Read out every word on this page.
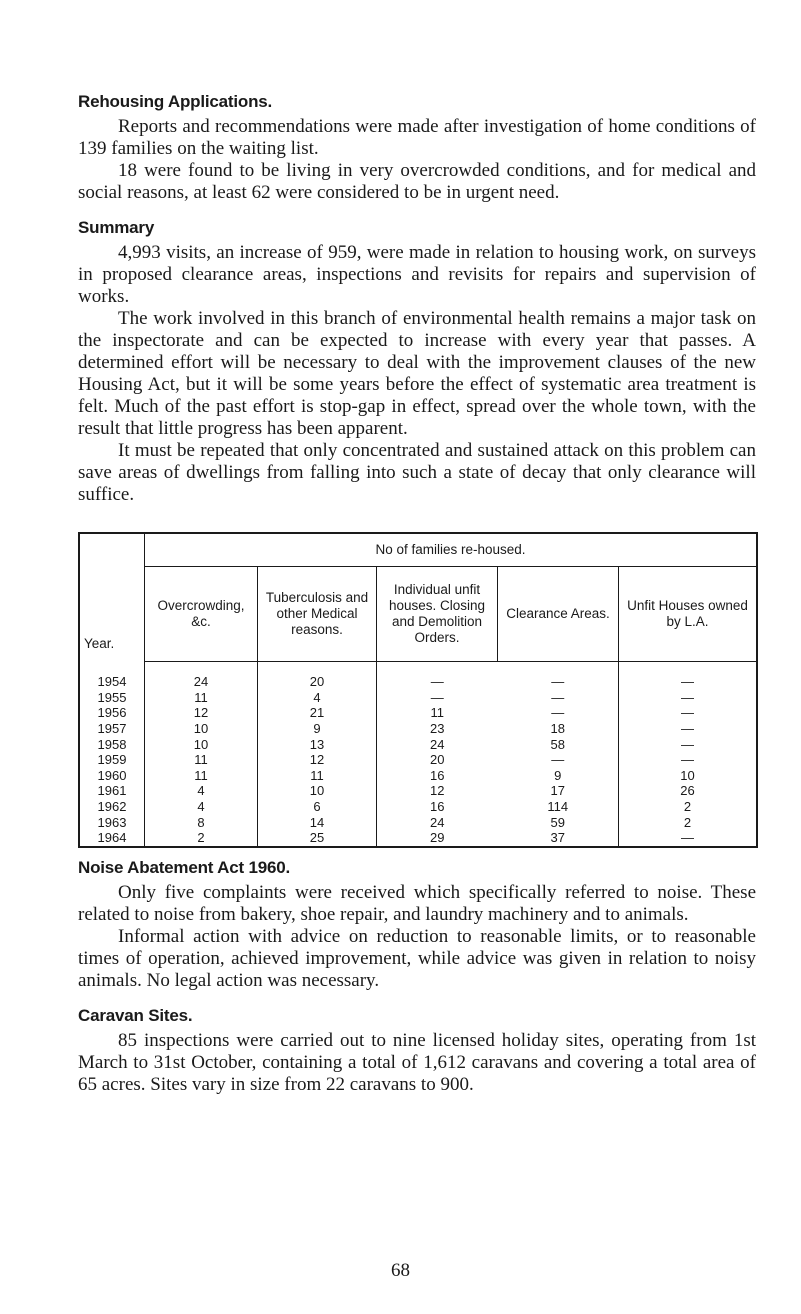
Rehousing Applications.

Reports and recommendations were made after investigation of home conditions of 139 families on the waiting list.

18 were found to be living in very overcrowded conditions, and for medical and social reasons, at least 62 were considered to be in urgent need.

Summary

4,993 visits, an increase of 959, were made in relation to housing work, on surveys in proposed clearance areas, inspections and revisits for repairs and supervision of works.

The work involved in this branch of environmental health remains a major task on the inspectorate and can be expected to increase with every year that passes. A determined effort will be necessary to deal with the improvement clauses of the new Housing Act, but it will be some years before the effect of systematic area treatment is felt. Much of the past effort is stop-gap in effect, spread over the whole town, with the result that little progress has been apparent.

It must be repeated that only concentrated and sustained attack on this problem can save areas of dwellings from falling into such a state of decay that only clearance will suffice.

Year.	No of families re-housed.				
	Overcrowding, &c.	Tuberculosis and other Medical reasons.	Individual unfit houses. Closing and Demolition Orders.	Clearance Areas.	Unfit Houses owned by L.A.
1954	24	20	—	—	—
1955	11	4	—	—	—
1956	12	21	11	—	—
1957	10	9	23	18	—
1958	10	13	24	58	—
1959	11	12	20	—	—
1960	11	11	16	9	10
1961	4	10	12	17	26
1962	4	6	16	114	2
1963	8	14	24	59	2
1964	2	25	29	37	—
Noise Abatement Act 1960.

Only five complaints were received which specifically referred to noise. These related to noise from bakery, shoe repair, and laundry machinery and to animals.

Informal action with advice on reduction to reasonable limits, or to reasonable times of operation, achieved improvement, while advice was given in relation to noisy animals. No legal action was necessary.

Caravan Sites.

85 inspections were carried out to nine licensed holiday sites, operating from 1st March to 31st October, containing a total of 1,612 caravans and covering a total area of 65 acres. Sites vary in size from 22 caravans to 900.

68
